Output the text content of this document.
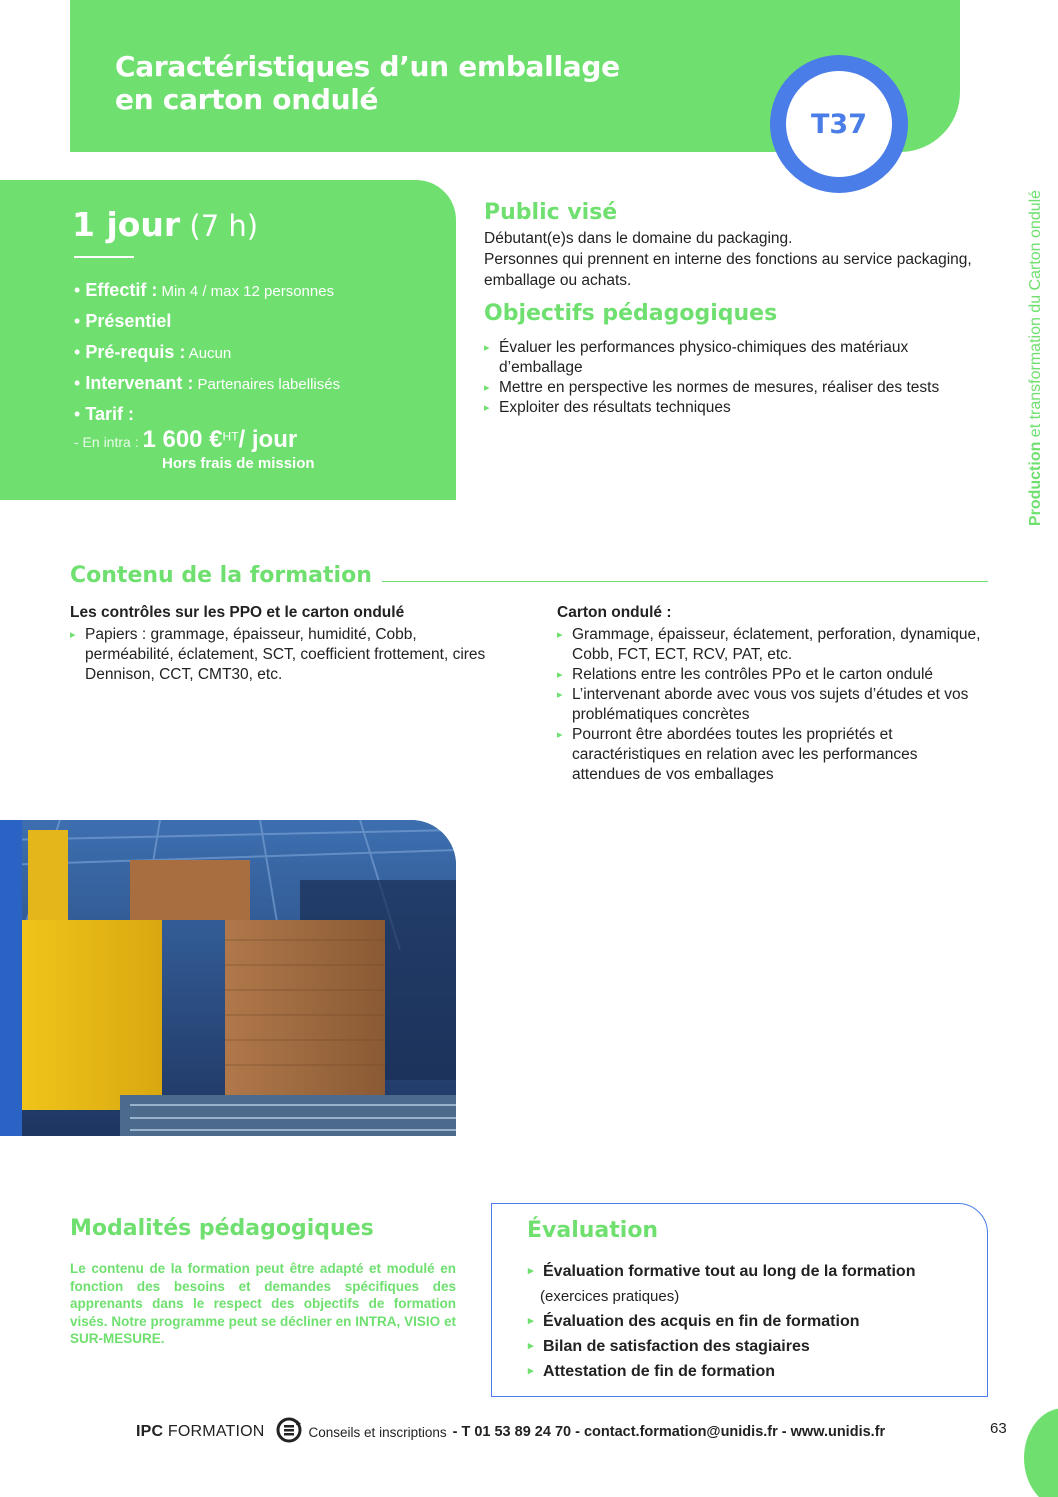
Caractéristiques d’un emballage
en carton ondulé
T37
Production et transformation du Carton ondulé
1 jour (7 h)
• Effectif : Min 4 / max 12 personnes
• Présentiel
• Pré-requis : Aucun
• Intervenant : Partenaires labellisés
• Tarif :
- En intra : 1 600 €$^{HT}$/ jour
Hors frais de mission
Public visé
Débutant(e)s dans le domaine du packaging.
Personnes qui prennent en interne des fonctions au service packaging, emballage ou achats.
Objectifs pédagogiques
▸ Évaluer les performances physico-chimiques des matériaux d’emballage
▸ Mettre en perspective les normes de mesures, réaliser des tests
▸ Exploiter des résultats techniques
Contenu de la formation
Les contrôles sur les PPO et le carton ondulé
▸ Papiers : grammage, épaisseur, humidité, Cobb, perméabilité, éclatement, SCT, coefficient frottement, cires Dennison, CCT, CMT30, etc.
Carton ondulé :
▸ Grammage, épaisseur, éclatement, perforation, dynamique, Cobb, FCT, ECT, RCV, PAT, etc.
▸ Relations entre les contrôles PPo et le carton ondulé
▸ L’intervenant aborde avec vous vos sujets d’études et vos problématiques concrètes
▸ Pourront être abordées toutes les propriétés et caractéristiques en relation avec les performances attendues de vos emballages
Modalités pédagogiques
Le contenu de la formation peut être adapté et modulé en fonction des besoins et demandes spécifiques des apprenants dans le respect des objectifs de formation visés. Notre programme peut se décliner en INTRA, VISIO et SUR-MESURE.
Évaluation
▸ Évaluation formative tout au long de la formation
(exercices pratiques)
▸ Évaluation des acquis en fin de formation
▸ Bilan de satisfaction des stagiaires
▸ Attestation de fin de formation
IPC FORMATION	Conseils et inscriptions - T 01 53 89 24 70 - contact.formation@unidis.fr - www.unidis.fr	63
